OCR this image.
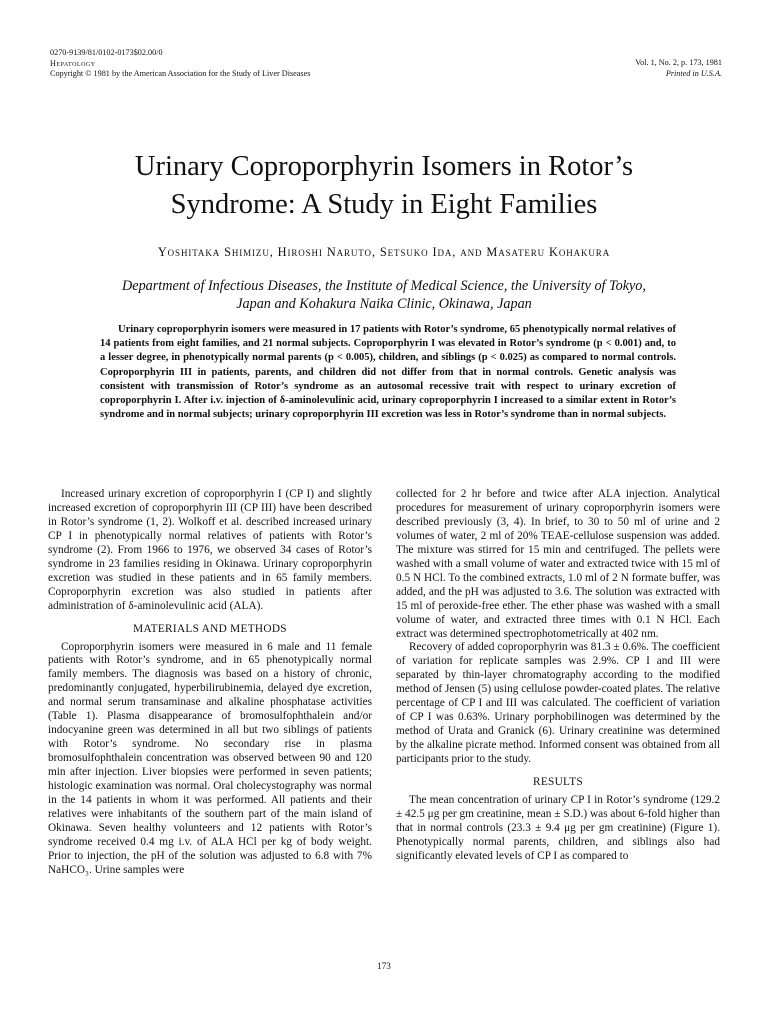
0270-9139/81/0102-0173$02.00/0
Hepatology
Copyright © 1981 by the American Association for the Study of Liver Diseases
Vol. 1, No. 2, p. 173, 1981
Printed in U.S.A.
Urinary Coproporphyrin Isomers in Rotor’s
Syndrome: A Study in Eight Families
Yoshitaka Shimizu, Hiroshi Naruto, Setsuko Ida, and Masateru Kohakura
Department of Infectious Diseases, the Institute of Medical Science, the University of Tokyo,
Japan and Kohakura Naika Clinic, Okinawa, Japan

Urinary coproporphyrin isomers were measured in 17 patients with Rotor’s syndrome, 65 phenotypically normal relatives of 14 patients from eight families, and 21 normal subjects. Coproporphyrin I was elevated in Rotor’s syndrome (p < 0.001) and, to a lesser degree, in phenotypically normal parents (p < 0.005), children, and siblings (p < 0.025) as compared to normal controls. Coproporphyrin III in patients, parents, and children did not differ from that in normal controls. Genetic analysis was consistent with transmission of Rotor’s syndrome as an autosomal recessive trait with respect to urinary excretion of coproporphyrin I. After i.v. injection of δ-aminolevulinic acid, urinary coproporphyrin I increased to a similar extent in Rotor’s syndrome and in normal subjects; urinary coproporphyrin III excretion was less in Rotor’s syndrome than in normal subjects.

Increased urinary excretion of coproporphyrin I (CP I) and slightly increased excretion of coproporphyrin III (CP III) have been described in Rotor’s syndrome (1, 2). Wolkoff et al. described increased urinary CP I in phenotypically normal relatives of patients with Rotor’s syndrome (2). From 1966 to 1976, we observed 34 cases of Rotor’s syndrome in 23 families residing in Okinawa. Urinary coproporphyrin excretion was studied in these patients and in 65 family members. Coproporphyrin excretion was also studied in patients after administration of δ-aminolevulinic acid (ALA).

MATERIALS AND METHODS

Coproporphyrin isomers were measured in 6 male and 11 female patients with Rotor’s syndrome, and in 65 phenotypically normal family members. The diagnosis was based on a history of chronic, predominantly conjugated, hyperbilirubinemia, delayed dye excretion, and normal serum transaminase and alkaline phosphatase activities (Table 1). Plasma disappearance of bromosulfophthalein and/or indocyanine green was determined in all but two siblings of patients with Rotor’s syndrome. No secondary rise in plasma bromosulfophthalein concentration was observed between 90 and 120 min after injection. Liver biopsies were performed in seven patients; histologic examination was normal. Oral cholecystography was normal in the 14 patients in whom it was performed. All patients and their relatives were inhabitants of the southern part of the main island of Okinawa. Seven healthy volunteers and 12 patients with Rotor’s syndrome received 0.4 mg i.v. of ALA HCl per kg of body weight. Prior to injection, the pH of the solution was adjusted to 6.8 with 7% NaHCO₃. Urine samples were

collected for 2 hr before and twice after ALA injection. Analytical procedures for measurement of urinary coproporphyrin isomers were described previously (3, 4). In brief, to 30 to 50 ml of urine and 2 volumes of water, 2 ml of 20% TEAE-cellulose suspension was added. The mixture was stirred for 15 min and centrifuged. The pellets were washed with a small volume of water and extracted twice with 15 ml of 0.5 N HCl. To the combined extracts, 1.0 ml of 2 N formate buffer, was added, and the pH was adjusted to 3.6. The solution was extracted with 15 ml of peroxide-free ether. The ether phase was washed with a small volume of water, and extracted three times with 0.1 N HCl. Each extract was determined spectrophotometrically at 402 nm.

Recovery of added coproporphyrin was 81.3 ± 0.6%. The coefficient of variation for replicate samples was 2.9%. CP I and III were separated by thin-layer chromatography according to the modified method of Jensen (5) using cellulose powder-coated plates. The relative percentage of CP I and III was calculated. The coefficient of variation of CP I was 0.63%. Urinary porphobilinogen was determined by the method of Urata and Granick (6). Urinary creatinine was determined by the alkaline picrate method. Informed consent was obtained from all participants prior to the study.

RESULTS

The mean concentration of urinary CP I in Rotor’s syndrome (129.2 ± 42.5 μg per gm creatinine, mean ± S.D.) was about 6-fold higher than that in normal controls (23.3 ± 9.4 μg per gm creatinine) (Figure 1). Phenotypically normal parents, children, and siblings also had significantly elevated levels of CP I as compared to

173
